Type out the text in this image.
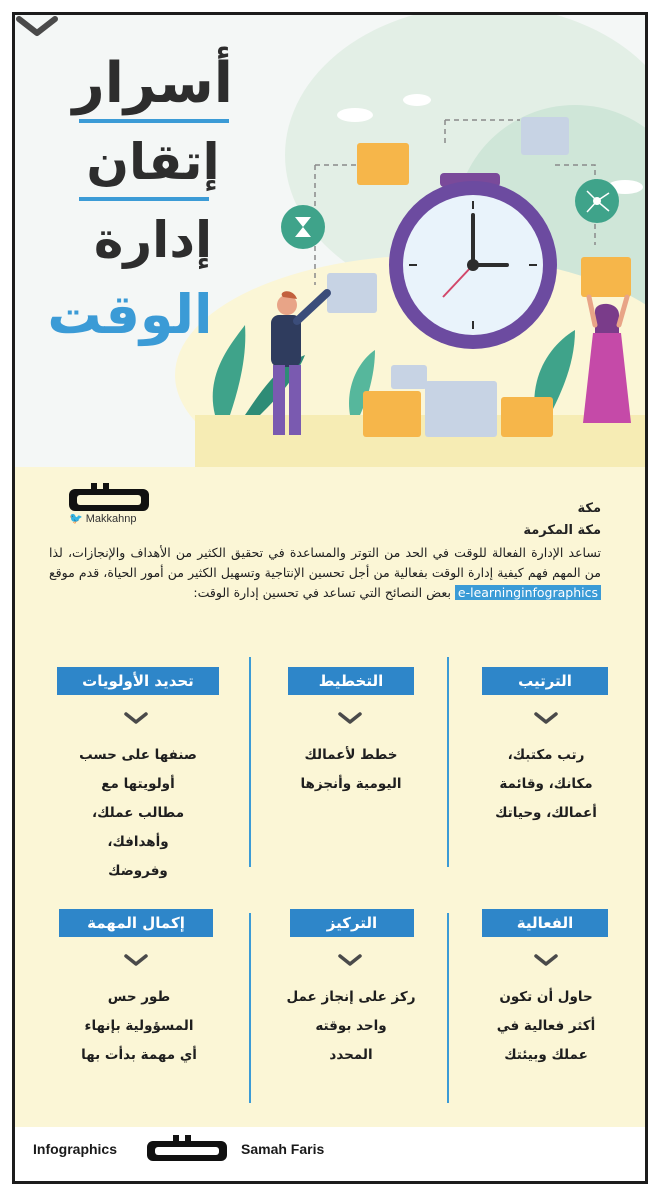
أسرار
إتقان
إدارة
الوقت
🐦 Makkahnp
مكة
مكة المكرمة
تساعد الإدارة الفعالة للوقت في الحد من التوتر والمساعدة في تحقيق الكثير من الأهداف والإنجازات، لذا من المهم فهم كيفية إدارة الوقت بفعالية من أجل تحسين الإنتاجية وتسهيل الكثير من أمور الحياة، قدم موقع e-learninginfographics بعض النصائح التي تساعد في تحسين إدارة الوقت:
الترتيب
رتب مكتبك،
مكانك، وقائمة
أعمالك، وحياتك
التخطيط
خطط لأعمالك
اليومية وأنجزها
تحديد الأولويات
صنفها على حسب
أولويتها مع
مطالب عملك،
وأهدافك،
وفروضك
الفعالية
حاول أن تكون
أكثر فعالية في
عملك وبيئتك
التركيز
ركز على إنجاز عمل
واحد بوقته
المحدد
إكمال المهمة
طور حس
المسؤولية بإنهاء
أي مهمة بدأت بها
Infographics	Samah Faris
